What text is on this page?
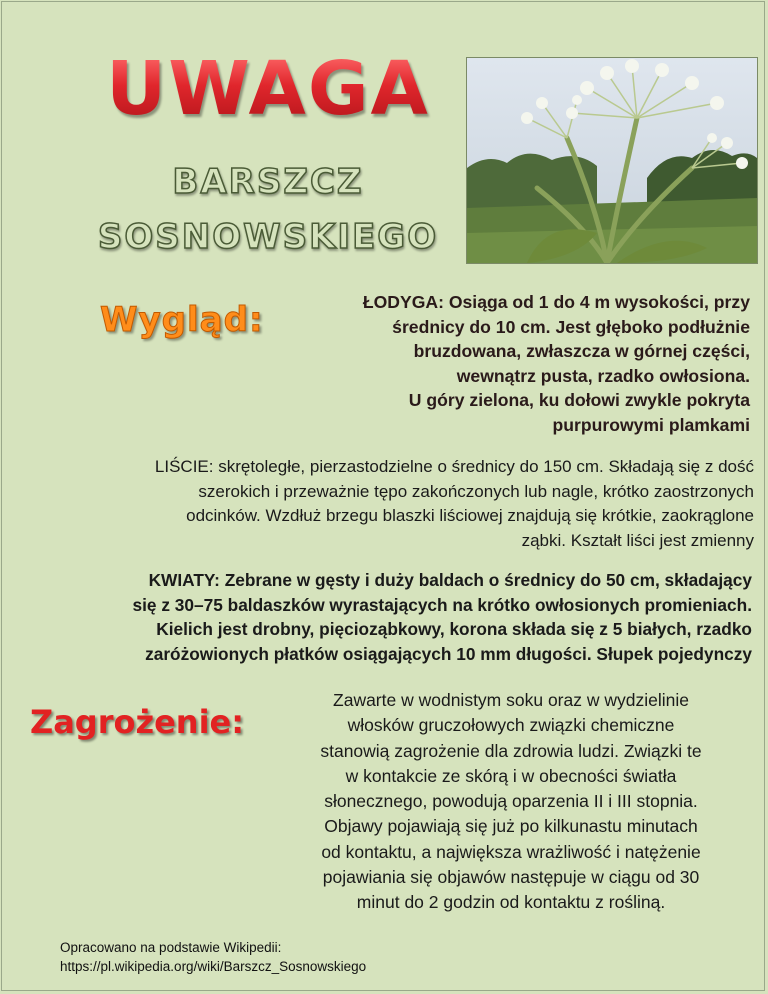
UWAGA
BARSZCZ
SOSNOWSKIEGO
Wygląd:	ŁODYGA: Osiąga od 1 do 4 m wysokości, przy
średnicy do 10 cm. Jest głęboko podłużnie
bruzdowana, zwłaszcza w górnej części,
wewnątrz pusta, rzadko owłosiona.
U góry zielona, ku dołowi zwykle pokryta
purpurowymi plamkami
LIŚCIE: skrętoległe, pierzastodzielne o średnicy do 150 cm. Składają się z dość
szerokich i przeważnie tępo zakończonych lub nagle, krótko zaostrzonych
odcinków. Wzdłuż brzegu blaszki liściowej znajdują się krótkie, zaokrąglone
ząbki. Kształt liści jest zmienny
KWIATY: Zebrane w gęsty i duży baldach o średnicy do 50 cm, składający
się z 30–75 baldaszków wyrastających na krótko owłosionych promieniach.
Kielich jest drobny, pięcioząbkowy, korona składa się z 5 białych, rzadko
zaróżowionych płatków osiągających 10 mm długości. Słupek pojedynczy
Zagrożenie:
Zawarte w wodnistym soku oraz w wydzielinie
włosków gruczołowych związki chemiczne
stanowią zagrożenie dla zdrowia ludzi. Związki te
w kontakcie ze skórą i w obecności światła
słonecznego, powodują oparzenia II i III stopnia.
Objawy pojawiają się już po kilkunastu minutach
od kontaktu, a największa wrażliwość i natężenie
pojawiania się objawów następuje w ciągu od 30
minut do 2 godzin od kontaktu z rośliną.
Opracowano na podstawie Wikipedii:
https://pl.wikipedia.org/wiki/Barszcz_Sosnowskiego
